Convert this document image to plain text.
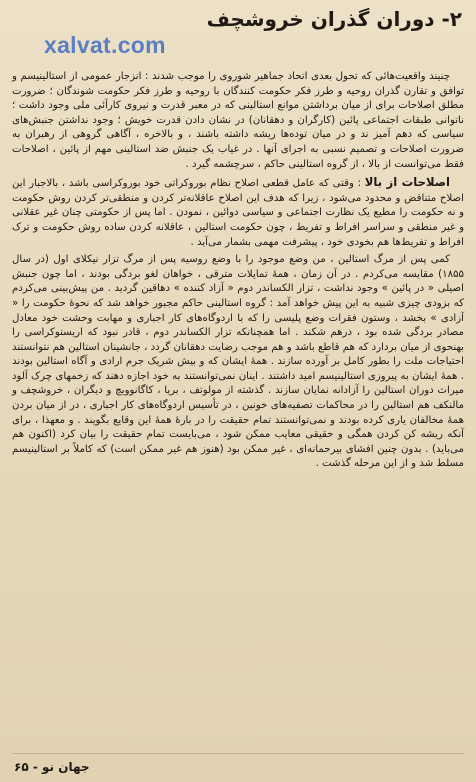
xalvat.com
۲- دوران گذران خروشچف

چنیند واقعیت‌هائی که تحول بعدی اتحاد جماهیر شوروی را موجب شدند : انزجار عمومی از استالینیسم و توافق و تقارن گذران روحیه و طرز فکر حکومت کنندگان با روحیه و طرز فکر حکومت شوندگان ؛ ضرورت مطلق اصلاحات برای از میان برداشتن موانع استالینی که در معبر قدرت و نیروی کارآئی ملی وجود داشت ؛ ناتوانی طبقات اجتماعی پائین (کارگران و دهقانان) در نشان دادن قدرت خویش ؛ وجود نداشتن جنبش‌های سیاسی که دهم آمیز ند و در میان توده‌ها ریشه داشته باشند ، و بالاخره ، آگاهی گروهی از رهبران به ضرورت اصلاحات و تصمیم نسبی به اجرای آنها . در غیاب یک جنبش ضد استالینی مهم از پائین ، اصلاحات فقط می‌توانست از بالا ، از گروه استالینی حاکم ، سرچشمه گیرد .

اصلاحات از بالا : وقتی که عامل قطعی اصلاح نظام بوروکراتی خود بوروکراسی باشد ، بالاجبار این اصلاح متناقض و محدود می‌شود ، زیرا که هدف این اصلاح عاقلانه‌تر کردن و منطقی‌تر کردن روش حکومت و نه حکومت را مطیع یک نظارت اجتماعی و سیاسی دوائین ، نمودن . اما پس از حکومتی چنان غیر عقلانی و غیر منطقی و سراسر افراط و تفریط ، چون حکومت استالین ، عاقلانه کردن ساده روش حکومت و ترک افراط و تفریط‌ها هم بخودی خود ، پیشرفت مهمی بشمار می‌آید .

کمی پس از مرگ استالین ، من وضع موجود را با وضع روسیه پس از مرگ تزار نیکلای اول (در سال ۱۸۵۵) مقایسه می‌کردم . در آن زمان ، همهٔ تمایلات مترقی ، خواهان لغو بردگی بودند ، اما چون جنبش اصیلی « در پائین » وجود نداشت ، تزار الکساندر دوم « آزاد کننده » دهاقین گردید . من پیش‌بینی می‌کردم که بزودی چیزی شبیه به این پیش خواهد آمد : گروه استالینی حاکم مجبور خواهد شد که نحوهٔ حکومت را « آزادی » بخشد ، وستون فقرات وضع پلیسی را که با اردوگاه‌های کار اجباری و مهابت وحشت خود معادل مصادر بردگی شده بود ، درهم شکند . اما همچنانکه تزار الکساندر دوم ، قادر نبود که اریستوکراسی را بهنحوی از میان بردارد که هم قاطع باشد و هم موجب رضایت دهقانان گردد ، جانشینان استالین هم نتوانستند احتیاجات ملت را بطور کامل بر آورده سازند . همهٔ ایشان که و بیش شریک جرم ارادی و آگاه استالین بودند . همهٔ ایشان به پیروزی استالینیسم امید داشتند . اینان نمی‌توانستند به خود اجازه دهند که زخمهای چرک آلود میراث دوران استالین را آزادانه نمایان سازند . گذشته از مولوتف ، بریا ، کاگانوویچ و دیگران ، خروشچف و مالنکف هم استالین را در محاکمات تصفیه‌های خونین ، در تأسیس اردوگاه‌های کار اجباری ، در از میان بردن همهٔ مخالفان یاری کرده بودند و نمی‌توانستند تمام حقیقت را در بارهٔ همهٔ این وقایع بگویند . و معهذا ، برای آنکه ریشه کن کردن همگی و حقیقی معایب ممکن شود ، می‌بایست تمام حقیقت را بیان کرد (اکنون هم می‌باید) . بدون چنین افشای بیرحمانه‌ای ، غیر ممکن بود (هنوز هم غیر ممکن است) که کاملاً بر استالینیسم مسلط شد و از این مرحله گذشت .

جهان نو - ۶۵
